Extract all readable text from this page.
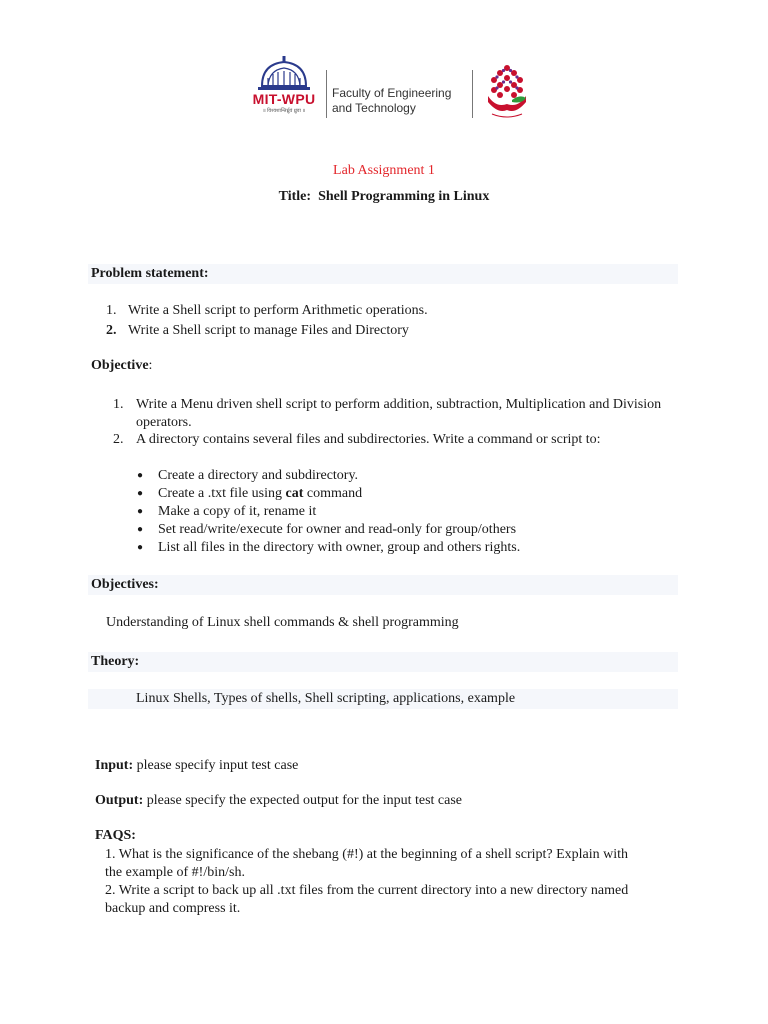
MIT-WPU
॥ विश्वशान्तिर्ध्रुवं ध्रुवा ॥
Faculty of Engineering
and Technology
Lab Assignment 1
Title: Shell Programming in Linux
Problem statement:
1. Write a Shell script to perform Arithmetic operations.
2. Write a Shell script to manage Files and Directory
Objective:
1. Write a Menu driven shell script to perform addition, subtraction, Multiplication and Division operators.
2. A directory contains several files and subdirectories. Write a command or script to:
● Create a directory and subdirectory.
● Create a .txt file using cat command
● Make a copy of it, rename it
● Set read/write/execute for owner and read-only for group/others
● List all files in the directory with owner, group and others rights.
Objectives:
Understanding of Linux shell commands & shell programming
Theory:
Linux Shells, Types of shells, Shell scripting, applications, example
Input: please specify input test case
Output: please specify the expected output for the input test case
FAQS:
1. What is the significance of the shebang (#!) at the beginning of a shell script? Explain with
the example of #!/bin/sh.
2. Write a script to back up all .txt files from the current directory into a new directory named
backup and compress it.
